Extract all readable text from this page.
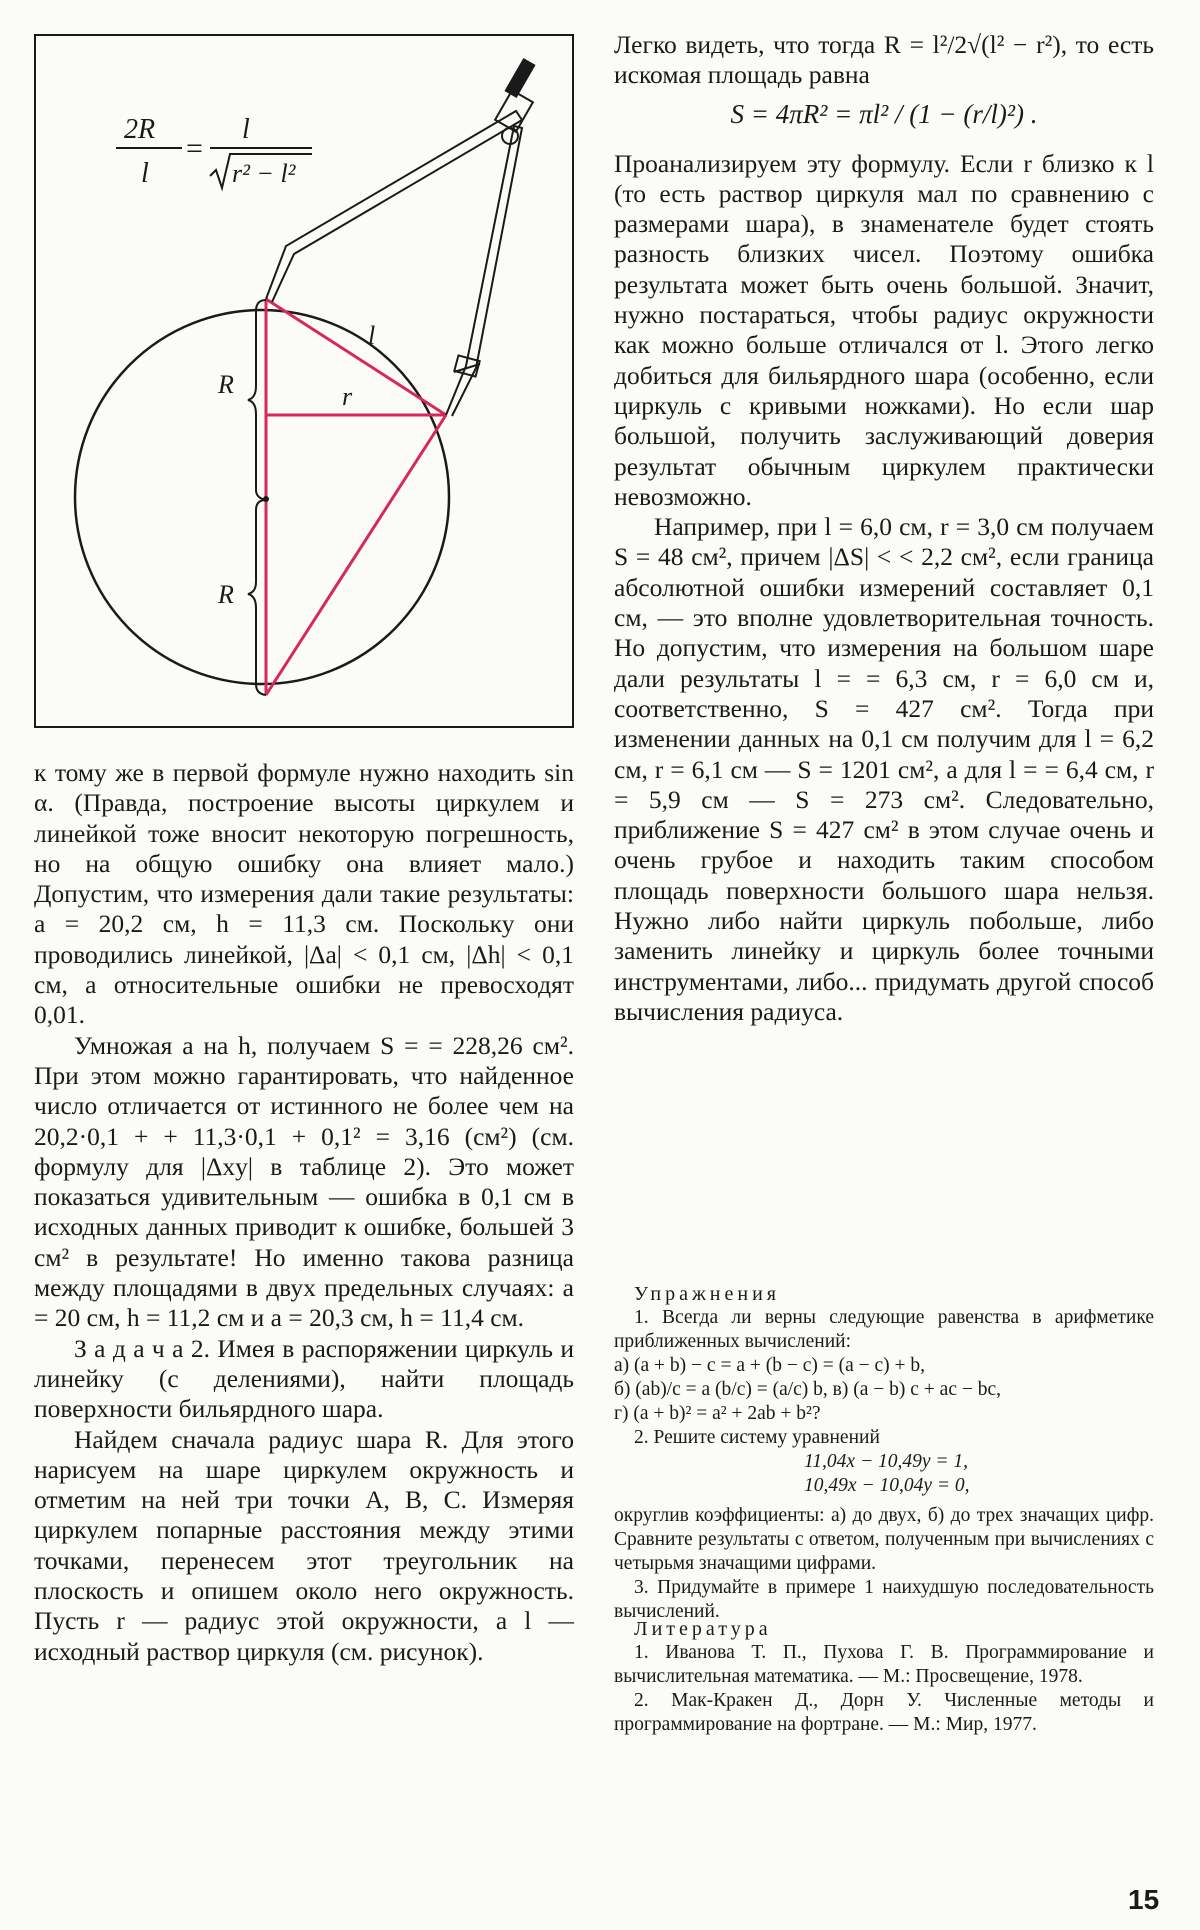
l
r
R
R
2R
l
=
l
r² − l²

к тому же в первой формуле нужно находить sin α. (Правда, построение высоты циркулем и линейкой тоже вносит некоторую погрешность, но на общую ошибку она влияет мало.) Допустим, что измерения дали такие результаты: a = 20,2 см, h = 11,3 см. Поскольку они проводились линейкой, |Δa| < 0,1 см, |Δh| < 0,1 см, а относительные ошибки не превосходят 0,01.

Умножая a на h, получаем S = = 228,26 см². При этом можно гарантировать, что найденное число отличается от истинного не более чем на 20,2·0,1 + + 11,3·0,1 + 0,1² = 3,16 (см²) (см. формулу для |Δxy| в таблице 2). Это может показаться удивительным — ошибка в 0,1 см в исходных данных приводит к ошибке, большей 3 см² в результате! Но именно такова разница между площадями в двух предельных случаях: a = 20 см, h = 11,2 см и a = 20,3 см, h = 11,4 см.

З а д а ч а 2. Имея в распоряжении циркуль и линейку (с делениями), найти площадь поверхности бильярдного шара.

Найдем сначала радиус шара R. Для этого нарисуем на шаре циркулем окружность и отметим на ней три точки A, B, C. Измеряя циркулем попарные расстояния между этими точками, перенесем этот треугольник на плоскость и опишем около него окружность. Пусть r — радиус этой окружности, а l — исходный раствор циркуля (см. рисунок).

Легко видеть, что тогда R = l²/2√(l² − r²), то есть искомая площадь равна

S = 4πR² = πl² / (1 − (r/l)²) .

Проанализируем эту формулу. Если r близко к l (то есть раствор циркуля мал по сравнению с размерами шара), в знаменателе будет стоять разность близких чисел. Поэтому ошибка результата может быть очень большой. Значит, нужно постараться, чтобы радиус окружности как можно больше отличался от l. Этого легко добиться для бильярдного шара (особенно, если циркуль с кривыми ножками). Но если шар большой, получить заслуживающий доверия результат обычным циркулем практически невозможно.

Например, при l = 6,0 см, r = 3,0 см получаем S = 48 см², причем |ΔS| < < 2,2 см², если граница абсолютной ошибки измерений составляет 0,1 см, — это вполне удовлетворительная точность. Но допустим, что измерения на большом шаре дали результаты l = = 6,3 см, r = 6,0 см и, соответственно, S = 427 см². Тогда при изменении данных на 0,1 см получим для l = 6,2 см, r = 6,1 см — S = 1201 см², а для l = = 6,4 см, r = 5,9 см — S = 273 см². Следовательно, приближение S = 427 см² в этом случае очень и очень грубое и находить таким способом площадь поверхности большого шара нельзя. Нужно либо найти циркуль побольше, либо заменить линейку и циркуль более точными инструментами, либо... придумать другой способ вычисления радиуса.

Упражнения

1. Всегда ли верны следующие равенства в арифметике приближенных вычислений:

а) (a + b) − c = a + (b − c) = (a − c) + b,

б) (ab)/c = a (b/c) = (a/c) b, в) (a − b) c + ac − bc,

г) (a + b)² = a² + 2ab + b²?

2. Решите систему уравнений

11,04x − 10,49y = 1,

10,49x − 10,04y = 0,

округлив коэффициенты: а) до двух, б) до трех значащих цифр. Сравните результаты с ответом, полученным при вычислениях с четырьмя значащими цифрами.

3. Придумайте в примере 1 наихудшую последовательность вычислений.

Литература

1. Иванова Т. П., Пухова Г. В. Программирование и вычислительная математика. — М.: Просвещение, 1978.

2. Мак-Кракен Д., Дорн У. Численные методы и программирование на фортране. — М.: Мир, 1977.

15
